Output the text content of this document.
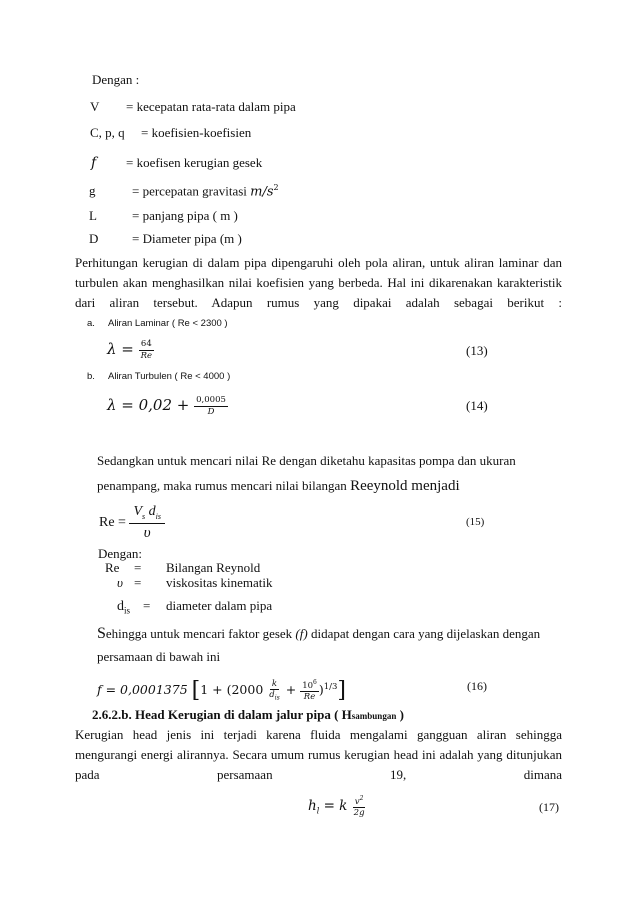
Dengan :
V = kecepatan rata-rata dalam pipa
C, p, q = koefisien-koefisien
f = koefisen kerugian gesek
g	= percepatan gravitasi $m/s^2$
L	= panjang pipa ( m )
D	= Diameter pipa (m )
Perhitungan kerugian di dalam pipa dipengaruhi oleh pola aliran, untuk aliran laminar dan turbulen akan menghasilkan nilai koefisien yang berbeda. Hal ini dikarenakan karakteristik dari aliran tersebut. Adapun rumus yang dipakai adalah sebagai berikut :
a. Aliran Laminar ( Re < 2300 )
$\lambda = \frac{64}{Re}$	(13)
b. Aliran Turbulen ( Re < 4000 )
$\lambda = 0,02 + \frac{0,0005}{D}$	(14)
Sedangkan untuk mencari nilai Re dengan diketahu kapasitas pompa dan ukuran
penampang, maka rumus mencari nilai bilangan Reeynold menjadi
Re =
$V_s$ $d_{is}$
υ
(15)
Dengan:
Re = Bilangan Reynold
υ = viskositas kinematik
$d_{is}$ = diameter dalam pipa
Sehingga untuk mencari faktor gesek (f) didapat dengan cara yang dijelaskan dengan
persamaan di bawah ini
f = 0,0001375 $[1 + (2000 \frac{k}{d_{is}} + \frac{10^6}{Re} )^{1/3}]$	(16)
2.6.2.b. Head Kerugian di dalam jalur pipa ( Hsambungan )
Kerugian head jenis ini terjadi karena fluida mengalami gangguan aliran sehingga mengurangi energi alirannya. Secara umum rumus kerugian head ini adalah yang ditunjukan pada persamaan 19, dimana
$h_l = k \frac{v^2}{2g}$	(17)
